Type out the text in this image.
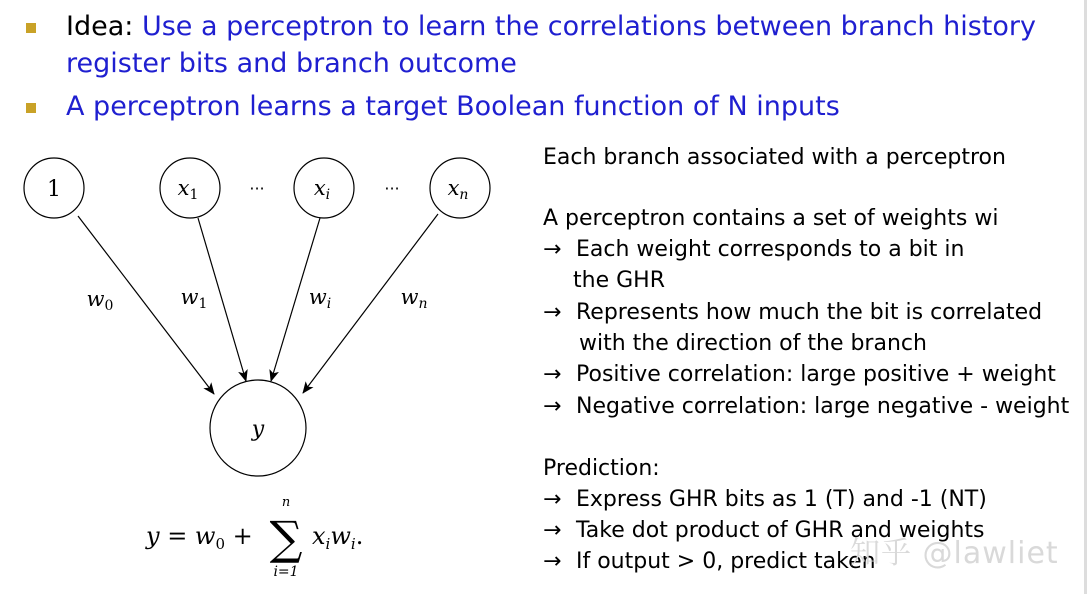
Idea: Use a perceptron to learn the correlations between branch history register bits and branch outcome

A perceptron learns a target Boolean function of N inputs

1	x1	xi	xn
···	···
w0	w1	wi	wn
y
$y = w_0$ +
n
∑
i=1
$x_iw_i$.

Each branch associated with a perceptron

A perceptron contains a set of weights wi

→ Each weight corresponds to a bit in

the GHR

→ Represents how much the bit is correlated

with the direction of the branch

→ Positive correlation: large positive + weight

→ Negative correlation: large negative - weight

Prediction:

→ Express GHR bits as 1 (T) and -1 (NT)

→ Take dot product of GHR and weights

→ If output > 0, predict taken

知乎 @lawliet
